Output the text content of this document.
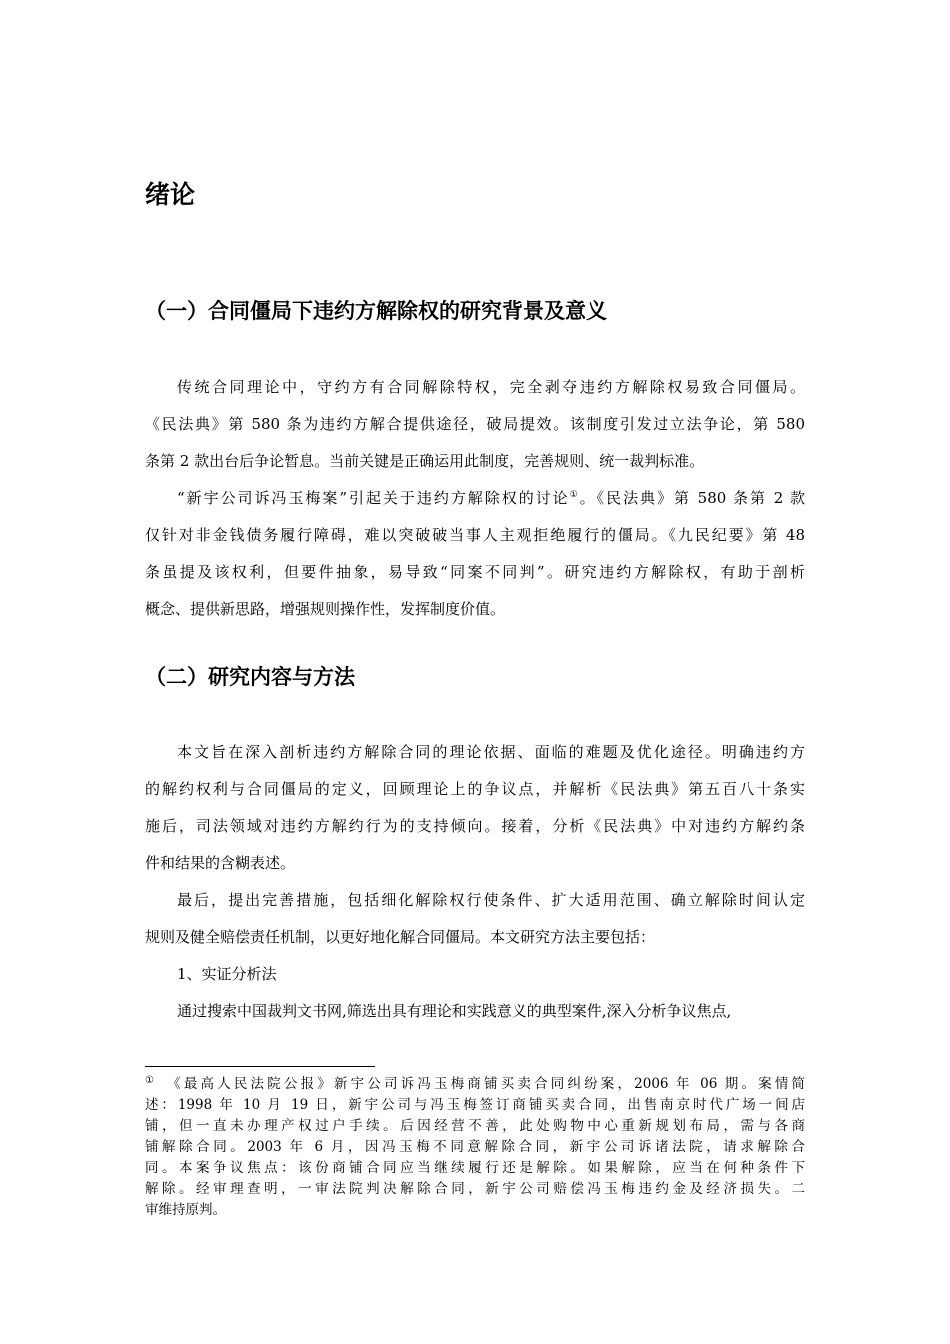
绪论
（一）合同僵局下违约方解除权的研究背景及意义
传统合同理论中，守约方有合同解除特权，完全剥夺违约方解除权易致合同僵局。
《民法典》第 580 条为违约方解合提供途径，破局提效。该制度引发过立法争论，第 580
条第 2 款出台后争论暂息。当前关键是正确运用此制度，完善规则、统一裁判标准。
“新宇公司诉冯玉梅案”引起关于违约方解除权的讨论①。《民法典》第 580 条第 2 款
仅针对非金钱债务履行障碍，难以突破破当事人主观拒绝履行的僵局。《九民纪要》第 48
条虽提及该权利，但要件抽象，易导致“同案不同判”。研究违约方解除权，有助于剖析
概念、提供新思路，增强规则操作性，发挥制度价值。
（二）研究内容与方法
本文旨在深入剖析违约方解除合同的理论依据、面临的难题及优化途径。明确违约方
的解约权利与合同僵局的定义，回顾理论上的争议点，并解析《民法典》第五百八十条实
施后，司法领域对违约方解约行为的支持倾向。接着，分析《民法典》中对违约方解约条
件和结果的含糊表述。
最后，提出完善措施，包括细化解除权行使条件、扩大适用范围、确立解除时间认定
规则及健全赔偿责任机制，以更好地化解合同僵局。本文研究方法主要包括：
1、实证分析法
通过搜索中国裁判文书网,筛选出具有理论和实践意义的典型案件,深入分析争议焦点,
① 《最高人民法院公报》新宇公司诉冯玉梅商铺买卖合同纠纷案，2006 年 06 期。案情简
述：1998 年 10 月 19 日，新宇公司与冯玉梅签订商铺买卖合同，出售南京时代广场一间店
铺，但一直未办理产权过户手续。后因经营不善，此处购物中心重新规划布局，需与各商
铺解除合同。2003 年 6 月，因冯玉梅不同意解除合同，新宇公司诉诸法院，请求解除合
同。本案争议焦点：该份商铺合同应当继续履行还是解除。如果解除，应当在何种条件下
解除。经审理查明，一审法院判决解除合同，新宇公司赔偿冯玉梅违约金及经济损失。二
审维持原判。
